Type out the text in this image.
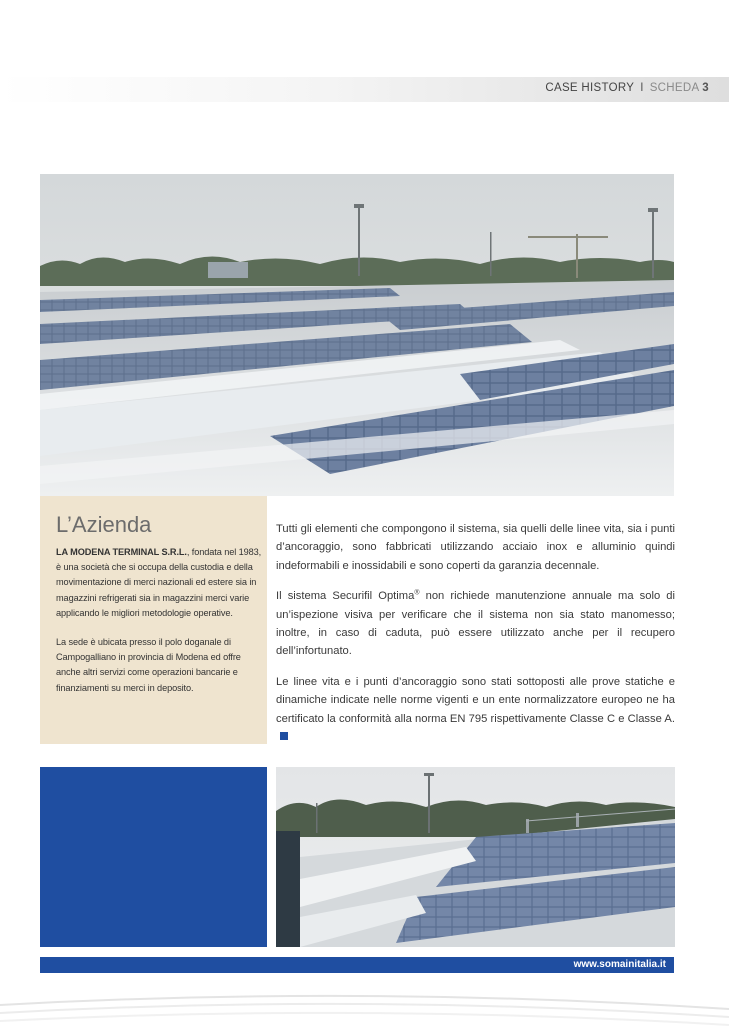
CASE HISTORY I SCHEDA 3
L’Azienda

LA MODENA TERMINAL S.R.L., fondata nel 1983, è una società che si occupa della custodia e della movimentazione di merci nazionali ed estere sia in magazzini refrigerati sia in magazzini merci varie applicando le migliori metodologie operative.

La sede è ubicata presso il polo doganale di Campogalliano in provincia di Modena ed offre anche altri servizi come operazioni bancarie e finanziamenti su merci in deposito.

Tutti gli elementi che compongono il sistema, sia quelli delle linee vita, sia i punti d’ancoraggio, sono fabbricati utilizzando acciaio inox e alluminio quindi indeformabili e inossidabili e sono coperti da garanzia decennale.

Il sistema Securifil Optima® non richiede manutenzione annuale ma solo di un’ispezione visiva per verificare che il sistema non sia stato manomesso; inoltre, in caso di caduta, può essere utilizzato anche per il recupero dell’infortunato.

Le linee vita e i punti d’ancoraggio sono stati sottoposti alle prove statiche e dinamiche indicate nelle norme vigenti e un ente normalizzatore europeo ne ha certificato la conformità alla norma EN 795 rispettivamente Classe C e Classe A.

www.somainitalia.it
